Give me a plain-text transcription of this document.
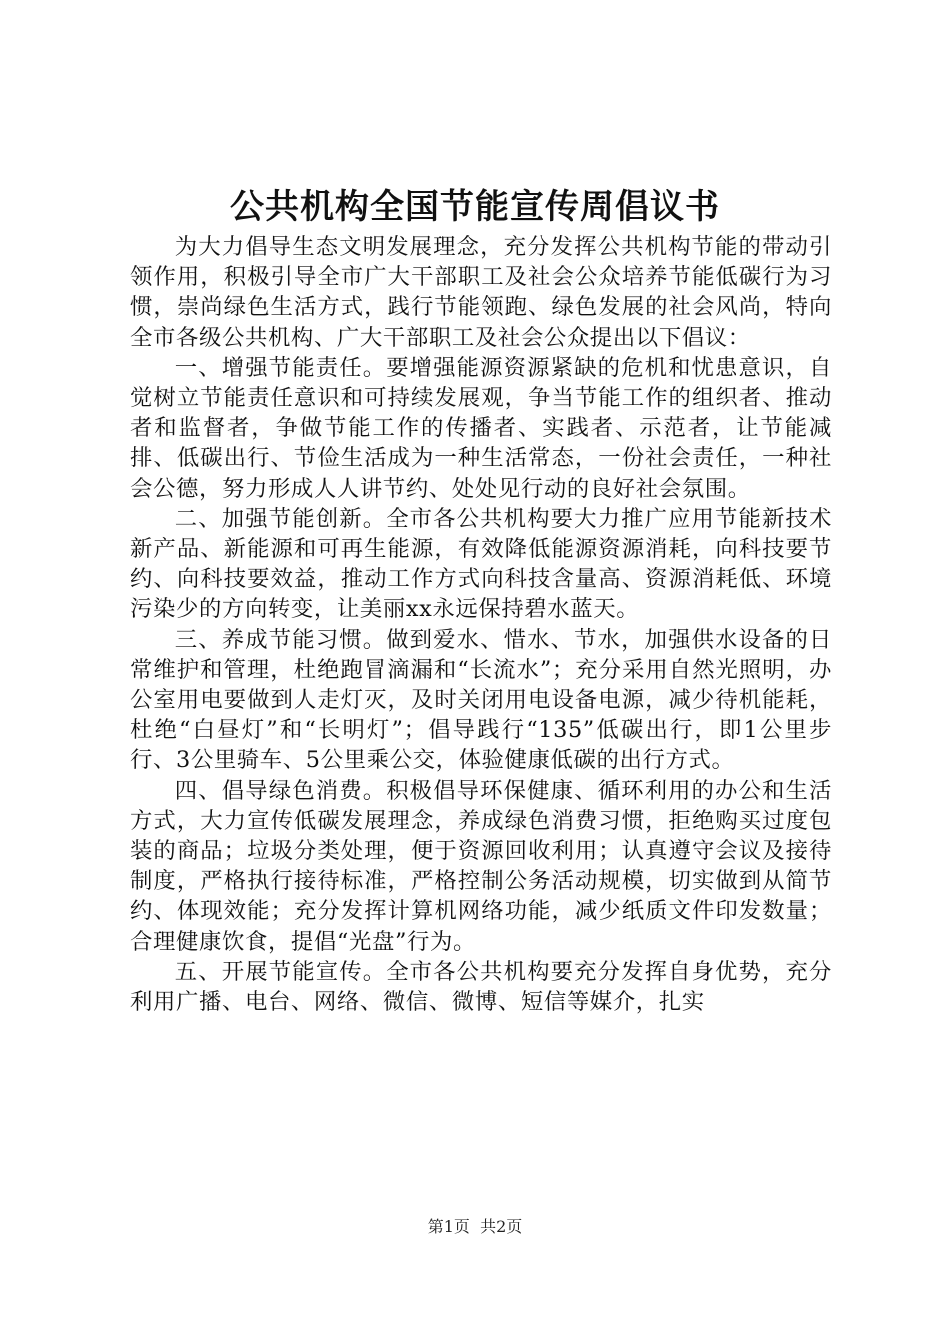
公共机构全国节能宣传周倡议书

为大力倡导生态文明发展理念，充分发挥公共机构节能的带动引领作用，积极引导全市广大干部职工及社会公众培养节能低碳行为习惯，崇尚绿色生活方式，践行节能领跑、绿色发展的社会风尚，特向全市各级公共机构、广大干部职工及社会公众提出以下倡议：

一、增强节能责任。要增强能源资源紧缺的危机和忧患意识，自觉树立节能责任意识和可持续发展观，争当节能工作的组织者、推动者和监督者，争做节能工作的传播者、实践者、示范者，让节能减排、低碳出行、节俭生活成为一种生活常态，一份社会责任，一种社会公德，努力形成人人讲节约、处处见行动的良好社会氛围。

二、加强节能创新。全市各公共机构要大力推广应用节能新技术新产品、新能源和可再生能源，有效降低能源资源消耗，向科技要节约、向科技要效益，推动工作方式向科技含量高、资源消耗低、环境污染少的方向转变，让美丽xx永远保持碧水蓝天。

三、养成节能习惯。做到爱水、惜水、节水，加强供水设备的日常维护和管理，杜绝跑冒滴漏和“长流水”；充分采用自然光照明，办公室用电要做到人走灯灭，及时关闭用电设备电源，减少待机能耗，杜绝“白昼灯”和“长明灯”；倡导践行“135”低碳出行，即1公里步行、3公里骑车、5公里乘公交，体验健康低碳的出行方式。

四、倡导绿色消费。积极倡导环保健康、循环利用的办公和生活方式，大力宣传低碳发展理念，养成绿色消费习惯，拒绝购买过度包装的商品；垃圾分类处理，便于资源回收利用；认真遵守会议及接待制度，严格执行接待标准，严格控制公务活动规模，切实做到从简节约、体现效能；充分发挥计算机网络功能，减少纸质文件印发数量；合理健康饮食，提倡“光盘”行为。

五、开展节能宣传。全市各公共机构要充分发挥自身优势，充分利用广播、电台、网络、微信、微博、短信等媒介，扎实

第1页 共2页
